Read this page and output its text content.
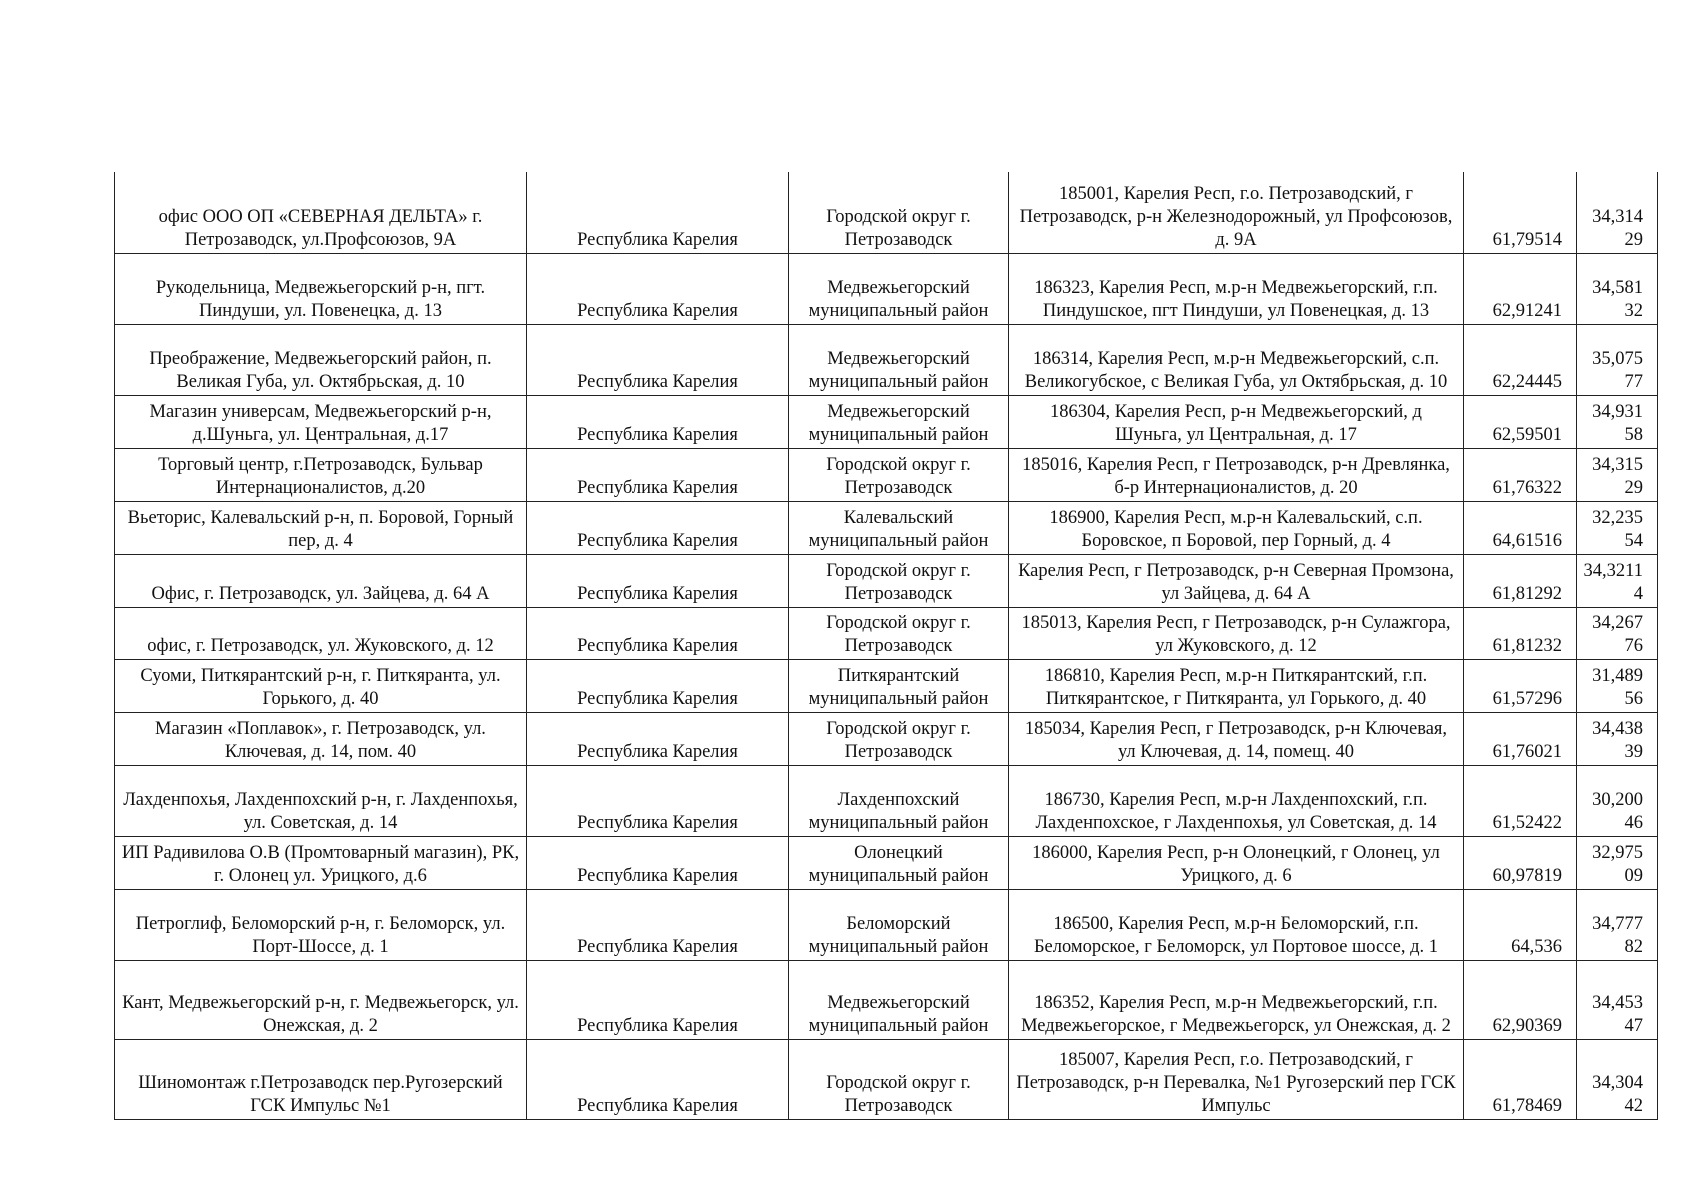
офис ООО ОП «СЕВЕРНАЯ ДЕЛЬТА» г. Петрозаводск, ул.Профсоюзов, 9А	Республика Карелия	Городской округ г. Петрозаводск	185001, Карелия Респ, г.о. Петрозаводский, г Петрозаводск, р-н Железнодорожный, ул Профсоюзов, д. 9А	61,79514	34,31429
Рукодельница, Медвежьегорский р-н, пгт. Пиндуши, ул. Повенецка, д. 13	Республика Карелия	Медвежьегорский муниципальный район	186323, Карелия Респ, м.р-н Медвежьегорский, г.п. Пиндушское, пгт Пиндуши, ул Повенецкая, д. 13	62,91241	34,58132
Преображение, Медвежьегорский район, п. Великая Губа, ул. Октябрьская, д. 10	Республика Карелия	Медвежьегорский муниципальный район	186314, Карелия Респ, м.р-н Медвежьегорский, с.п. Великогубское, с Великая Губа, ул Октябрьская, д. 10	62,24445	35,07577
Магазин универсам, Медвежьегорский р-н, д.Шуньга, ул. Центральная, д.17	Республика Карелия	Медвежьегорский муниципальный район	186304, Карелия Респ, р-н Медвежьегорский, д Шуньга, ул Центральная, д. 17	62,59501	34,93158
Торговый центр, г.Петрозаводск, Бульвар Интернационалистов, д.20	Республика Карелия	Городской округ г. Петрозаводск	185016, Карелия Респ, г Петрозаводск, р-н Древлянка, б-р Интернационалистов, д. 20	61,76322	34,31529
Вьеторис, Калевальский р-н, п. Боровой, Горный пер, д. 4	Республика Карелия	Калевальский муниципальный район	186900, Карелия Респ, м.р-н Калевальский, с.п. Боровское, п Боровой, пер Горный, д. 4	64,61516	32,23554
Офис, г. Петрозаводск, ул. Зайцева, д. 64 А	Республика Карелия	Городской округ г. Петрозаводск	Карелия Респ, г Петрозаводск, р-н Северная Промзона, ул Зайцева, д. 64 А	61,81292	34,32114
офис, г. Петрозаводск, ул. Жуковского, д. 12	Республика Карелия	Городской округ г. Петрозаводск	185013, Карелия Респ, г Петрозаводск, р-н Сулажгора, ул Жуковского, д. 12	61,81232	34,26776
Суоми, Питкярантский р-н, г. Питкяранта, ул. Горького, д. 40	Республика Карелия	Питкярантский муниципальный район	186810, Карелия Респ, м.р-н Питкярантский, г.п. Питкярантское, г Питкяранта, ул Горького, д. 40	61,57296	31,48956
Магазин «Поплавок», г. Петрозаводск, ул. Ключевая, д. 14, пом. 40	Республика Карелия	Городской округ г. Петрозаводск	185034, Карелия Респ, г Петрозаводск, р-н Ключевая, ул Ключевая, д. 14, помещ. 40	61,76021	34,43839
Лахденпохья, Лахденпохский р-н, г. Лахденпохья, ул. Советская, д. 14	Республика Карелия	Лахденпохский муниципальный район	186730, Карелия Респ, м.р-н Лахденпохский, г.п. Лахденпохское, г Лахденпохья, ул Советская, д. 14	61,52422	30,20046
ИП Радивилова О.В (Промтоварный магазин), РК, г. Олонец ул. Урицкого, д.6	Республика Карелия	Олонецкий муниципальный район	186000, Карелия Респ, р-н Олонецкий, г Олонец, ул Урицкого, д. 6	60,97819	32,97509
Петроглиф, Беломорский р-н, г. Беломорск, ул. Порт-Шоссе, д. 1	Республика Карелия	Беломорский муниципальный район	186500, Карелия Респ, м.р-н Беломорский, г.п. Беломорское, г Беломорск, ул Портовое шоссе, д. 1	64,536	34,77782
Кант, Медвежьегорский р-н, г. Медвежьегорск, ул. Онежская, д. 2	Республика Карелия	Медвежьегорский муниципальный район	186352, Карелия Респ, м.р-н Медвежьегорский, г.п. Медвежьегорское, г Медвежьегорск, ул Онежская, д. 2	62,90369	34,45347
Шиномонтаж г.Петрозаводск пер.Ругозерский ГСК Импульс №1	Республика Карелия	Городской округ г. Петрозаводск	185007, Карелия Респ, г.о. Петрозаводский, г Петрозаводск, р-н Перевалка, №1 Ругозерский пер ГСК Импульс	61,78469	34,30442
